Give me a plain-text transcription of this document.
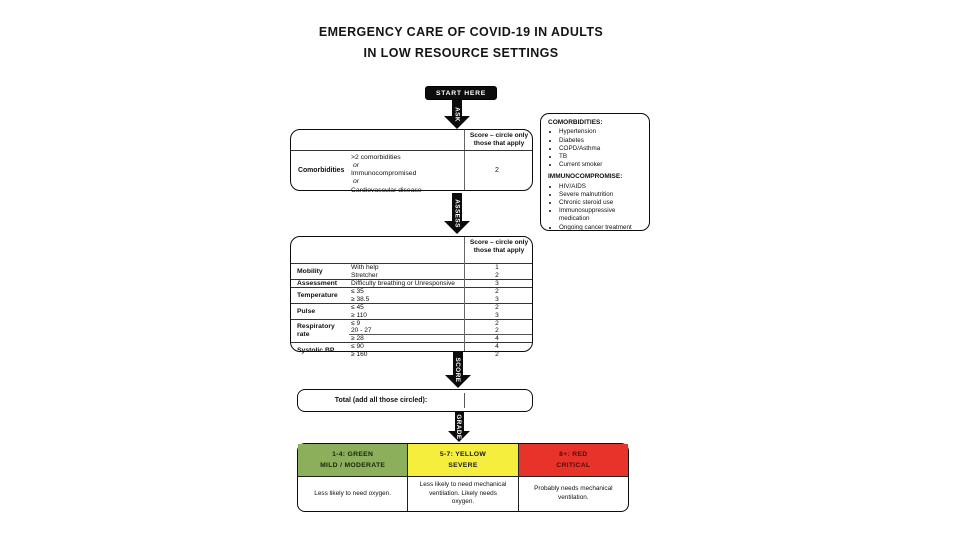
EMERGENCY CARE OF COVID-19 IN ADULTS
IN LOW RESOURCE SETTINGS
START HERE
ASK
Score – circle only those that apply
Comorbidities
>2 comorbidities
or
Immunocompromised
or
Cardiovascular disease
2
COMORBIDITIES:
• Hypertension
• Diabetes
• COPD/Asthma
• TB
• Current smoker
IMMUNOCOMPROMISE:
• HIV/AIDS
• Severe malnutrition
• Chronic steroid use
• Immunosuppressive medication
• Ongoing cancer treatment
ASSESS
Score – circle only those that apply
Mobility	With help	1
Stretcher	2
Assessment	Difficulty breathing or Unresponsive	3
Temperature	≤ 35	2
≥ 38.5	3
Pulse	≤ 45	2
≥ 110	3
Respiratory rate
≤ 9	2
20 - 27	2
≥ 28	4
Systolic BP	≤ 90	4
≥ 160	2
SCORE
Total (add all those circled):
GRADE
1-4: GREEN
MILD / MODERATE
5-7: YELLOW
SEVERE
8+: RED
CRITICAL
Less likely to need oxygen.
Less likely to need mechanical ventilation. Likely needs oxygen.
Probably needs mechanical ventilation.
